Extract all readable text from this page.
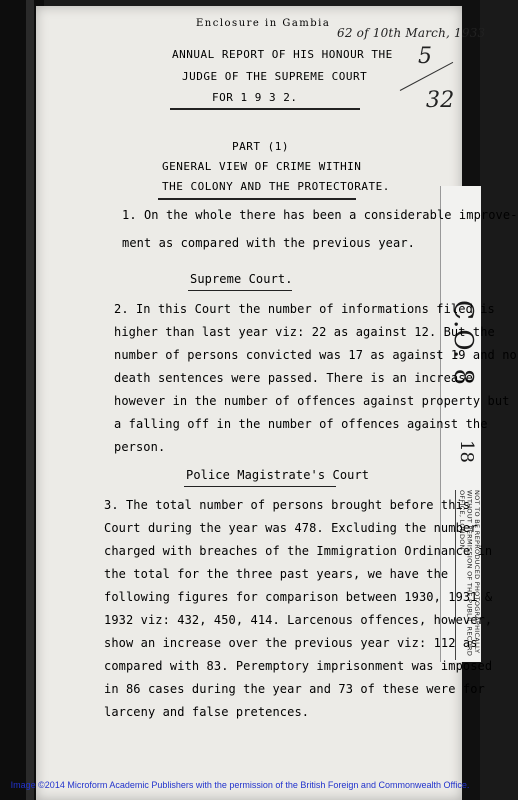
C.O. 8
18
NOT TO BE REPRODUCED PHOTOGRAPHICALLY WITHOUT PERMISSION OF THE PUBLIC RECORD OFFICE, LONDON
Enclosure in Gambia
62 of 10th March, 1933
5
32
ANNUAL REPORT OF HIS HONOUR THE
JUDGE OF THE SUPREME COURT
FOR 1 9 3 2.
PART (1)
GENERAL VIEW OF CRIME WITHIN
THE COLONY AND THE PROTECTORATE.
1. On the whole there has been a considerable improve-
ment as compared with the previous year.
Supreme Court.
2. In this Court the number of informations filed is
higher than last year viz: 22 as against 12. But the
number of persons convicted was 17 as against 19 and no
death sentences were passed. There is an increase
however in the number of offences against property but
a falling off in the number of offences against the
person.
Police Magistrate's Court
3. The total number of persons brought before this
Court during the year was 478. Excluding the number
charged with breaches of the Immigration Ordinance in
the total for the three past years, we have the
following figures for comparison between 1930, 1931 &
1932 viz: 432, 450, 414. Larcenous offences, however,
show an increase over the previous year viz: 112 as
compared with 83. Peremptory imprisonment was imposed
in 86 cases during the year and 73 of these were for
larceny and false pretences.
Image ©2014 Microform Academic Publishers with the permission of the British Foreign and Commonwealth Office.
